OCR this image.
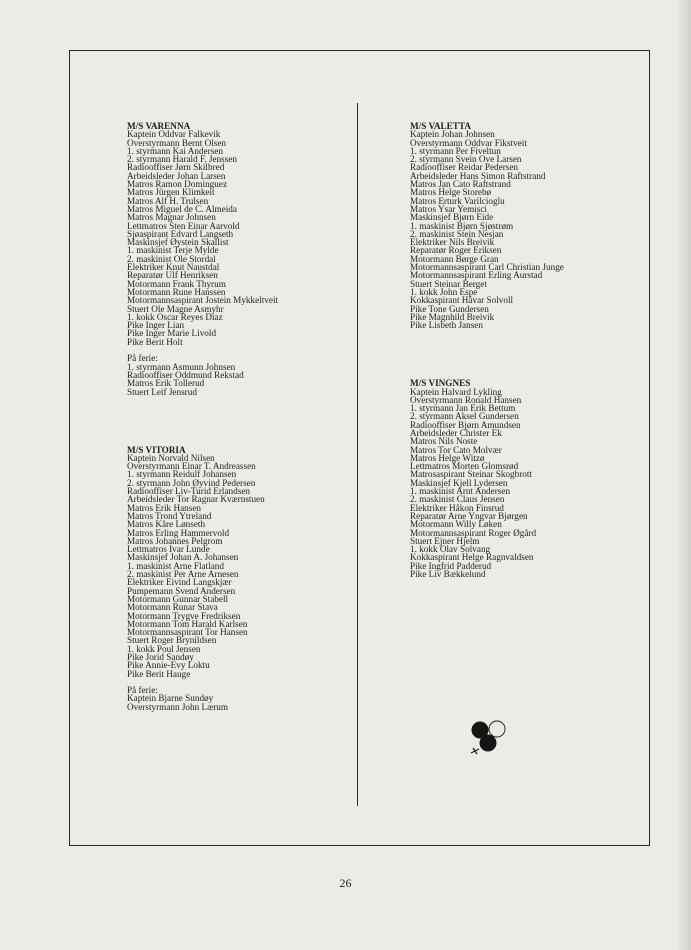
M/S VARENNA
Kaptein Oddvar Falkevik
Overstyrmann Bernt Olsen
1. styrmann Kai Andersen
2. styrmann Harald F. Jenssen
Radiooffiser Jørn Skilbred
Arbeidsleder Johan Larsen
Matros Ramon Dominguez
Matros Jürgen Klimkeit
Matros Alf H. Trulsen
Matros Miguel de C. Almeida
Matros Magnar Johnsen
Lettmatros Sten Einar Aarvold
Sjøaspirant Edvard Langseth
Maskinsjef Øystein Skallist
1. maskinist Terje Mylde
2. maskinist Ole Stordal
Elektriker Knut Naustdal
Reparatør Ulf Henriksen
Motormann Frank Thyrum
Motormann Rune Hanssen
Motormannsaspirant Jostein Mykkeltveit
Stuert Ole Magne Asmyhr
1. kokk Oscar Reyes Diaz
Pike Inger Lian
Pike Inger Marie Livold
Pike Berit Holt
På ferie:
1. styrmann Asmunn Johnsen
Radiooffiser Oddmund Rekstad
Matros Erik Tollerud
Stuert Leif Jensrud
M/S VITORIA
Kaptein Norvald Nilsen
Overstyrmann Einar T. Andreassen
1. styrmann Reidulf Johansen
2. styrmann John Øyvind Pedersen
Radiooffiser Liv-Turid Erlandsen
Arbeidsleder Tor Ragnar Kværnstuen
Matros Erik Hansen
Matros Trond Ytreland
Matros Kåre Lønseth
Matros Erling Hammervold
Matros Johannes Pelgrom
Lettmatros Ivar Lunde
Maskinsjef Johan A. Johansen
1. maskinist Arne Flatland
2. maskinist Per Arne Arnesen
Elektriker Eivind Langskjær
Pumpemann Svend Andersen
Motormann Gunnar Stabell
Motormann Runar Stava
Motormann Trygve Fredriksen
Motormann Tom Harald Karlsen
Motormannsaspirant Tor Hansen
Stuert Roger Brynildsen
1. kokk Poul Jensen
Pike Jorid Sandøy
Pike Annie-Evy Loktu
Pike Berit Hauge
På ferie:
Kaptein Bjarne Sundøy
Overstyrmann John Lærum
M/S VALETTA
Kaptein Johan Johnsen
Overstyrmann Oddvar Fikstveit
1. styrmann Per Fiveltun
2. styrmann Svein Ove Larsen
Radiooffiser Reidar Pedersen
Arbeidsleder Hans Simon Raftstrand
Matros Jan Cato Raftstrand
Matros Helge Storebø
Matros Erturk Varilcioglu
Matros Ysar Yemisci
Maskinsjef Bjørn Eide
1. maskinist Bjørn Sjøstrøm
2. maskinist Stein Nesjan
Elektriker Nils Breivik
Reparatør Roger Eriksen
Motormann Børge Gran
Motormannsaspirant Carl Christian Junge
Motormannsaspirant Erling Aurstad
Stuert Steinar Berget
1. kokk John Espe
Kokkaspirant Håvar Solvoll
Pike Tone Gundersen
Pike Magnhild Breivik
Pike Lisbeth Jansen
M/S VINGNES
Kaptein Halvard Lykling
Overstyrmann Ronald Hansen
1. styrmann Jan Erik Bettum
2. styrmann Aksel Gundersen
Radiooffiser Bjørn Amundsen
Arbeidsleder Christer Ek
Matros Nils Noste
Matros Tor Cato Molvær
Matros Helge Witzø
Lettmatros Morten Glomsrød
Matrosaspirant Steinar Skogbrott
Maskinsjef Kjell Lydersen
1. maskinist Arnt Andersen
2. maskinist Claus Jensen
Elektriker Håkon Finsrud
Reparatør Arne Yngvar Bjørgen
Motormann Willy Løken
Motormannsaspirant Roger Øgård
Stuert Ejner Hjelm
1. kokk Olav Solvang
Kokkaspirant Helge Ragnvaldsen
Pike Ingfrid Padderud
Pike Liv Bækkelund
26
